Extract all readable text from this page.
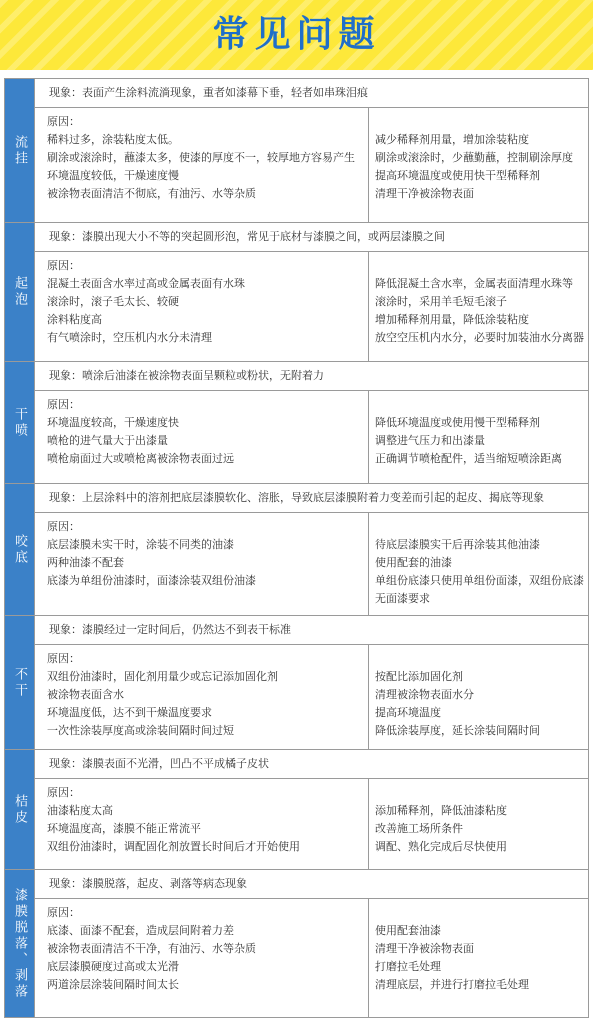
常见问题
流挂
现象：表面产生涂料流淌现象，重者如漆幕下垂，轻者如串珠泪痕
原因：
稀料过多，涂装粘度太低。
刷涂或滚涂时，蘸漆太多，使漆的厚度不一，较厚地方容易产生
环境温度较低，干燥速度慢
被涂物表面清洁不彻底，有油污、水等杂质
减少稀释剂用量，增加涂装粘度
刷涂或滚涂时，少蘸勤蘸，控制刷涂厚度
提高环境温度或使用快干型稀释剂
清理干净被涂物表面
起泡
现象：漆膜出现大小不等的突起圆形泡，常见于底材与漆膜之间，或两层漆膜之间
原因：
混凝土表面含水率过高或金属表面有水珠
滚涂时，滚子毛太长、较硬
涂料粘度高
有气喷涂时，空压机内水分未清理
降低混凝土含水率，金属表面清理水珠等
滚涂时，采用羊毛短毛滚子
增加稀释剂用量，降低涂装粘度
放空空压机内水分，必要时加装油水分离器
干喷
现象：喷涂后油漆在被涂物表面呈颗粒或粉状，无附着力
原因：
环境温度较高，干燥速度快
喷枪的进气量大于出漆量
喷枪扇面过大或喷枪离被涂物表面过远
降低环境温度或使用慢干型稀释剂
调整进气压力和出漆量
正确调节喷枪配件，适当缩短喷涂距离
咬底
现象：上层涂料中的溶剂把底层漆膜软化、溶胀，导致底层漆膜附着力变差而引起的起皮、揭底等现象
原因：
底层漆膜未实干时，涂装不同类的油漆
两种油漆不配套
底漆为单组份油漆时，面漆涂装双组份油漆
待底层漆膜实干后再涂装其他油漆
使用配套的油漆
单组份底漆只使用单组份面漆，双组份底漆无面漆要求
不干
现象：漆膜经过一定时间后，仍然达不到表干标准
原因：
双组份油漆时，固化剂用量少或忘记添加固化剂
被涂物表面含水
环境温度低，达不到干燥温度要求
一次性涂装厚度高或涂装间隔时间过短
按配比添加固化剂
清理被涂物表面水分
提高环境温度
降低涂装厚度，延长涂装间隔时间
桔皮
现象：漆膜表面不光滑，凹凸不平成橘子皮状
原因：
油漆粘度太高
环境温度高，漆膜不能正常流平
双组份油漆时，调配固化剂放置长时间后才开始使用
添加稀释剂，降低油漆粘度
改善施工场所条件
调配、熟化完成后尽快使用
漆膜脱落、剥落
现象：漆膜脱落，起皮、剥落等病态现象
原因：
底漆、面漆不配套，造成层间附着力差
被涂物表面清洁不干净，有油污、水等杂质
底层漆膜硬度过高或太光滑
两道涂层涂装间隔时间太长
使用配套油漆
清理干净被涂物表面
打磨拉毛处理
清理底层，并进行打磨拉毛处理
